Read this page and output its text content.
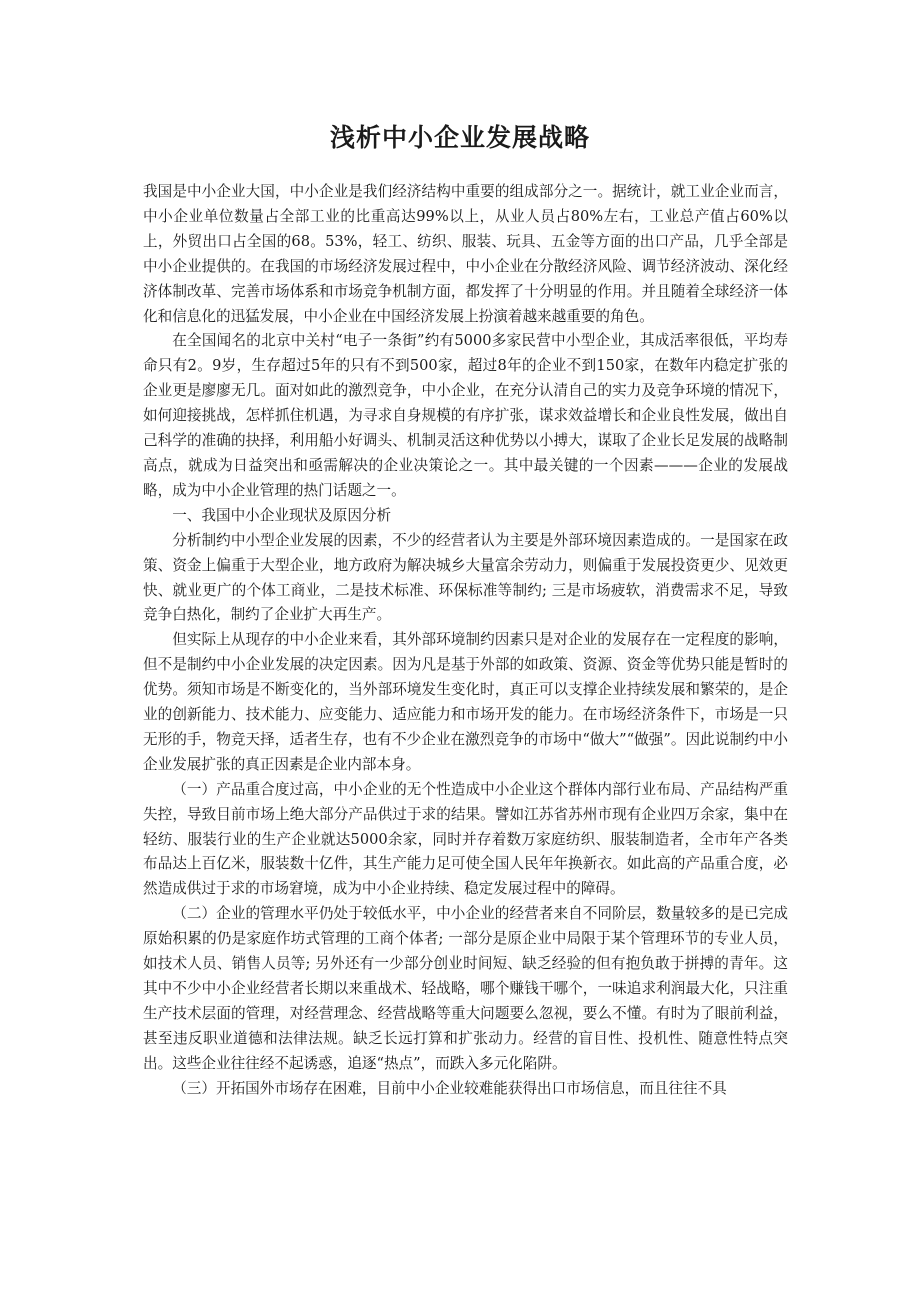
浅析中小企业发展战略

我国是中小企业大国，中小企业是我们经济结构中重要的组成部分之一。据统计，就工业企业而言，中小企业单位数量占全部工业的比重高达99%以上，从业人员占80%左右，工业总产值占60%以上，外贸出口占全国的68。53%，轻工、纺织、服装、玩具、五金等方面的出口产品，几乎全部是中小企业提供的。在我国的市场经济发展过程中，中小企业在分散经济风险、调节经济波动、深化经济体制改革、完善市场体系和市场竞争机制方面，都发挥了十分明显的作用。并且随着全球经济一体化和信息化的迅猛发展，中小企业在中国经济发展上扮演着越来越重要的角色。

在全国闻名的北京中关村“电子一条街”约有5000多家民营中小型企业，其成活率很低，平均寿命只有2。9岁，生存超过5年的只有不到500家，超过8年的企业不到150家，在数年内稳定扩张的企业更是廖廖无几。面对如此的激烈竞争，中小企业，在充分认清自己的实力及竞争环境的情况下，如何迎接挑战，怎样抓住机遇，为寻求自身规模的有序扩张，谋求效益增长和企业良性发展，做出自己科学的准确的抉择，利用船小好调头、机制灵活这种优势以小搏大，谋取了企业长足发展的战略制高点，就成为日益突出和亟需解决的企业决策论之一。其中最关键的一个因素———企业的发展战略，成为中小企业管理的热门话题之一。

一、我国中小企业现状及原因分析

分析制约中小型企业发展的因素，不少的经营者认为主要是外部环境因素造成的。一是国家在政策、资金上偏重于大型企业，地方政府为解决城乡大量富余劳动力，则偏重于发展投资更少、见效更快、就业更广的个体工商业，二是技术标准、环保标准等制约; 三是市场疲软，消费需求不足，导致竞争白热化，制约了企业扩大再生产。

但实际上从现存的中小企业来看，其外部环境制约因素只是对企业的发展存在一定程度的影响，但不是制约中小企业发展的决定因素。因为凡是基于外部的如政策、资源、资金等优势只能是暂时的优势。须知市场是不断变化的，当外部环境发生变化时，真正可以支撑企业持续发展和繁荣的，是企业的创新能力、技术能力、应变能力、适应能力和市场开发的能力。在市场经济条件下，市场是一只无形的手，物竞天择，适者生存，也有不少企业在激烈竞争的市场中“做大”“做强”。因此说制约中小企业发展扩张的真正因素是企业内部本身。

（一）产品重合度过高，中小企业的无个性造成中小企业这个群体内部行业布局、产品结构严重失控，导致目前市场上绝大部分产品供过于求的结果。譬如江苏省苏州市现有企业四万余家，集中在轻纺、服装行业的生产企业就达5000余家，同时并存着数万家庭纺织、服装制造者，全市年产各类布品达上百亿米，服装数十亿件，其生产能力足可使全国人民年年换新衣。如此高的产品重合度，必然造成供过于求的市场窘境，成为中小企业持续、稳定发展过程中的障碍。

（二）企业的管理水平仍处于较低水平，中小企业的经营者来自不同阶层，数量较多的是已完成原始积累的仍是家庭作坊式管理的工商个体者; 一部分是原企业中局限于某个管理环节的专业人员，如技术人员、销售人员等; 另外还有一少部分创业时间短、缺乏经验的但有抱负敢于拼搏的青年。这其中不少中小企业经营者长期以来重战术、轻战略，哪个赚钱干哪个，一味追求利润最大化，只注重生产技术层面的管理，对经营理念、经营战略等重大问题要么忽视，要么不懂。有时为了眼前利益，甚至违反职业道德和法律法规。缺乏长远打算和扩张动力。经营的盲目性、投机性、随意性特点突出。这些企业往往经不起诱惑，追逐“热点”，而跌入多元化陷阱。

（三）开拓国外市场存在困难，目前中小企业较难能获得出口市场信息，而且往往不具
